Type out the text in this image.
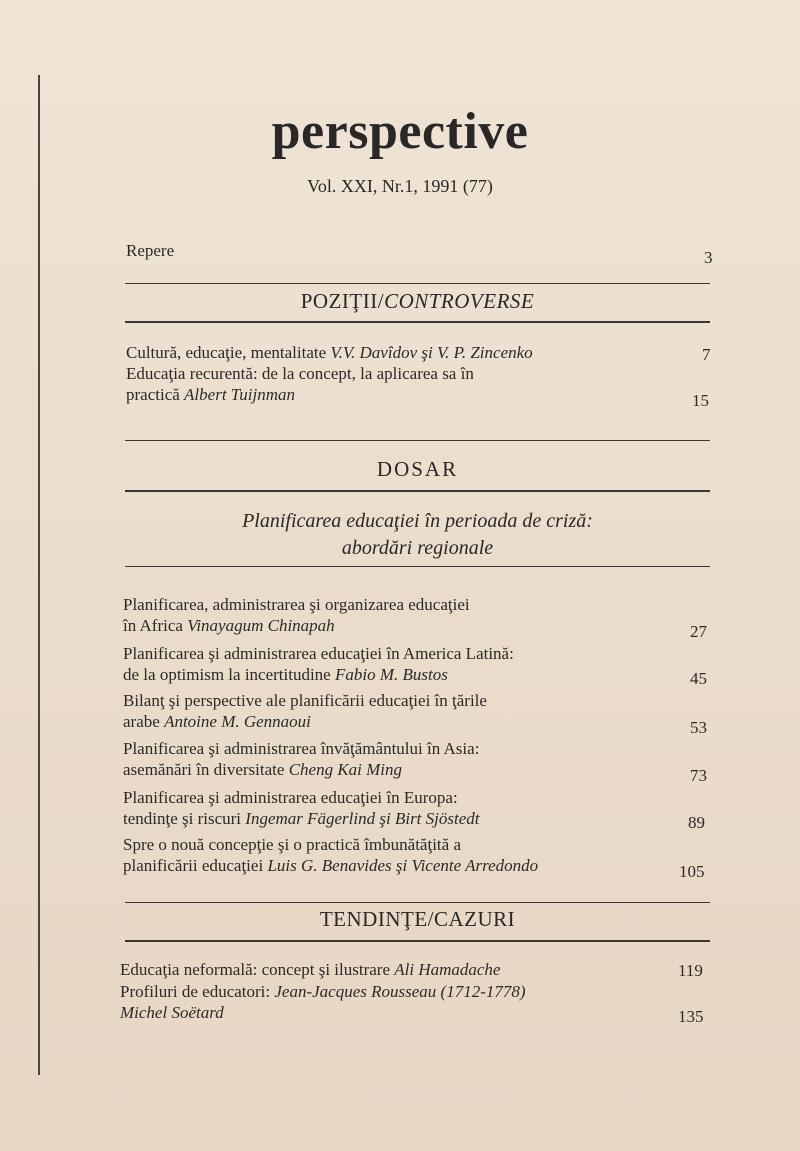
perspective
Vol. XXI, Nr.1, 1991 (77)
Repere	3
POZIŢII/CONTROVERSE
Cultură, educaţie, mentalitate V.V. Davîdov şi V. P. Zincenko	7
Educaţia recurentă: de la concept, la aplicarea sa în
practică Albert Tuijnman	15
DOSAR
Planificarea educaţiei în perioada de criză:
abordări regionale
Planificarea, administrarea şi organizarea educaţiei
în Africa Vinayagum Chinapah	27
Planificarea şi administrarea educaţiei în America Latină:
de la optimism la incertitudine Fabio M. Bustos	45
Bilanţ şi perspective ale planificării educaţiei în ţările
arabe Antoine M. Gennaoui	53
Planificarea şi administrarea învăţământului în Asia:
asemănări în diversitate Cheng Kai Ming	73
Planificarea şi administrarea educaţiei în Europa:
tendinţe şi riscuri Ingemar Fägerlind şi Birt Sjöstedt	89
Spre o nouă concepţie şi o practică îmbunătăţită a
planificării educaţiei Luis G. Benavides şi Vicente Arredondo	105
TENDINŢE/CAZURI
Educaţia neformală: concept şi ilustrare Ali Hamadache	119
Profiluri de educatori: Jean-Jacques Rousseau (1712-1778)
Michel Soëtard	135
